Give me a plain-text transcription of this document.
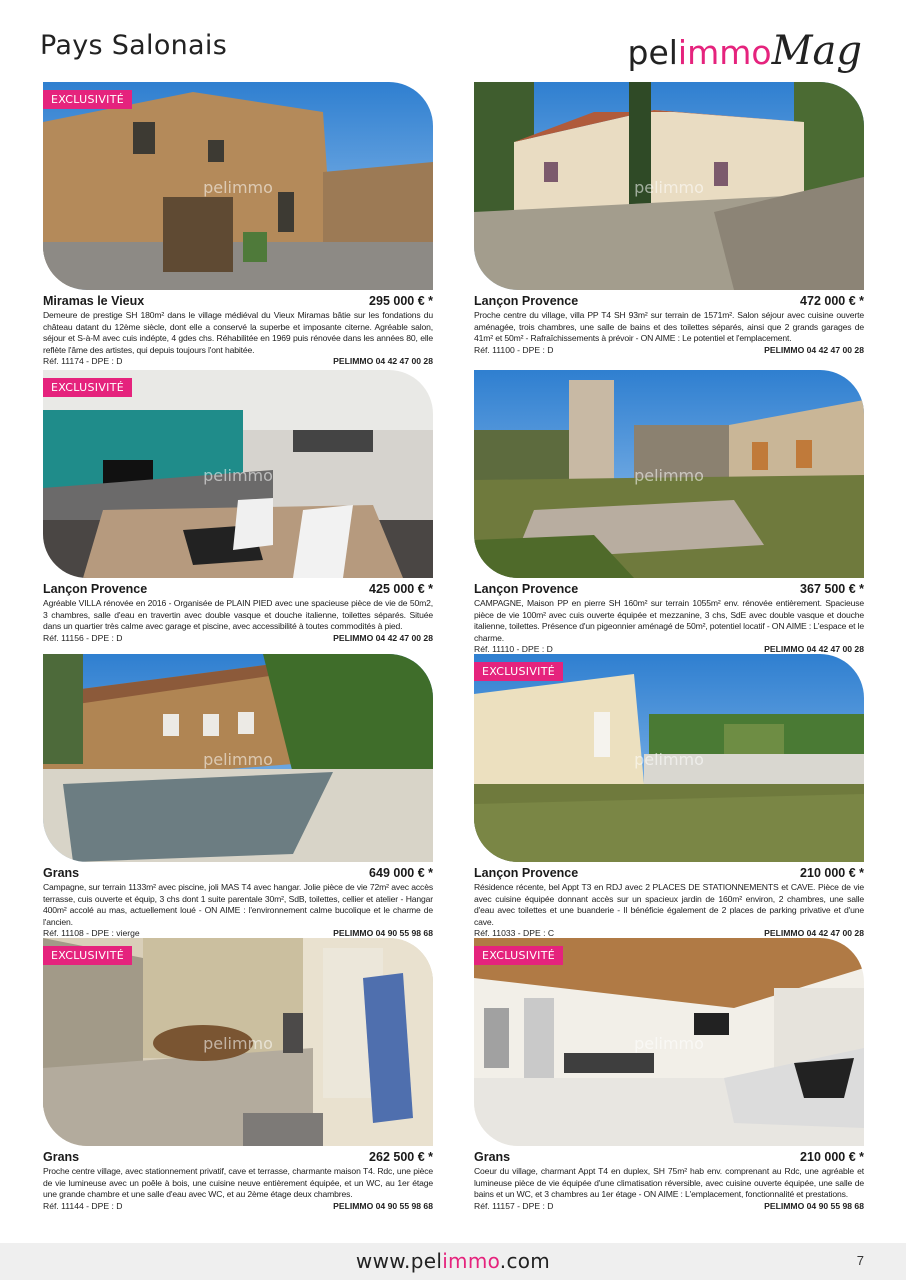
Pays Salonais	pelimmoMag
pelimmo
EXCLUSIVITÉ
Miramas le Vieux	295 000 € *
Demeure de prestige SH 180m² dans le village médiéval du Vieux Miramas bâtie sur les fondations du château datant du 12ème siècle, dont elle a conservé la superbe et imposante citerne. Agréable salon, séjour et S-à-M avec cuis indépte, 4 gdes chs. Réhabilitée en 1969 puis rénovée dans les années 80, elle reflète l'âme des artistes, qui depuis toujours l'ont habitée.
Réf. 11174 - DPE : D	PELIMMO 04 42 47 00 28
pelimmo
Lançon Provence	472 000 € *
Proche centre du village, villa PP T4 SH 93m² sur terrain de 1571m². Salon séjour avec cuisine ouverte aménagée, trois chambres, une salle de bains et des toilettes séparés, ainsi que 2 grands garages de 41m² et 50m² - Rafraîchissements à prévoir - ON AIME : Le potentiel et l'emplacement.
Réf. 11100 - DPE : D	PELIMMO 04 42 47 00 28
pelimmo
EXCLUSIVITÉ
Lançon Provence	425 000 € *
Agréable VILLA rénovée en 2016 - Organisée de PLAIN PIED avec une spacieuse pièce de vie de 50m2, 3 chambres, salle d'eau en travertin avec double vasque et douche italienne, toilettes séparés. Située dans un quartier très calme avec garage et piscine, avec accessibilité à toutes commodités à pied.
Réf. 11156 - DPE : D	PELIMMO 04 42 47 00 28
pelimmo
Lançon Provence	367 500 € *
CAMPAGNE, Maison PP en pierre SH 160m² sur terrain 1055m² env. rénovée entièrement. Spacieuse pièce de vie 100m² avec cuis ouverte équipée et mezzanine, 3 chs, SdE avec double vasque et douche italienne, toilettes. Présence d'un pigeonnier aménagé de 50m², potentiel locatif - ON AIME : L'espace et le charme.
Réf. 11110 - DPE : D	PELIMMO 04 42 47 00 28
pelimmo
Grans	649 000 € *
Campagne, sur terrain 1133m² avec piscine, joli MAS T4 avec hangar. Jolie pièce de vie 72m² avec accès terrasse, cuis ouverte et équip, 3 chs dont 1 suite parentale 30m², SdB, toilettes, cellier et atelier - Hangar 400m² accolé au mas, actuellement loué - ON AIME : l'environnement calme bucolique et le charme de l'ancien.
Réf. 11108 - DPE : vierge	PELIMMO 04 90 55 98 68
pelimmo
EXCLUSIVITÉ
Lançon Provence	210 000 € *
Résidence récente, bel Appt T3 en RDJ avec 2 PLACES DE STATIONNEMENTS et CAVE. Pièce de vie avec cuisine équipée donnant accès sur un spacieux jardin de 160m² environ, 2 chambres, une salle d'eau avec toilettes et une buanderie - Il bénéficie également de 2 places de parking privative et d'une cave.
Réf. 11033 - DPE : C	PELIMMO 04 42 47 00 28
pelimmo
EXCLUSIVITÉ
Grans	262 500 € *
Proche centre village, avec stationnement privatif, cave et terrasse, charmante maison T4. Rdc, une pièce de vie lumineuse avec un poêle à bois, une cuisine neuve entièrement équipée, et un WC, au 1er étage une grande chambre et une salle d'eau avec WC, et au 2ème étage deux chambres.
Réf. 11144 - DPE : D	PELIMMO 04 90 55 98 68
pelimmo
EXCLUSIVITÉ
Grans	210 000 € *
Coeur du village, charmant Appt T4 en duplex, SH 75m² hab env. comprenant au Rdc, une agréable et lumineuse pièce de vie équipée d'une climatisation réversible, avec cuisine ouverte équipée, une salle de bains et un WC, et 3 chambres au 1er étage - ON AIME : L'emplacement, fonctionnalité et prestations.
Réf. 11157 - DPE : D	PELIMMO 04 90 55 98 68
www.pelimmo.com	7
